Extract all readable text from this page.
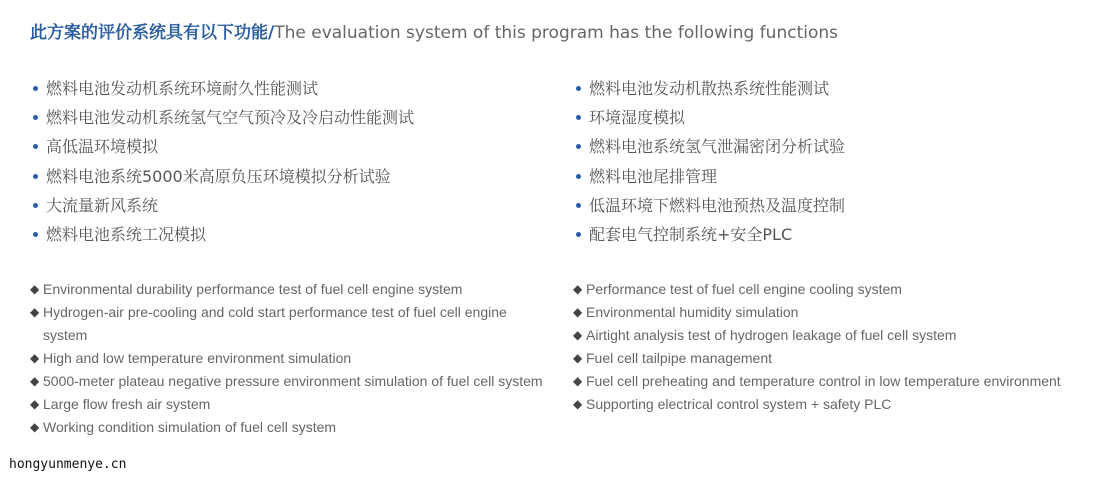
此方案的评价系统具有以下功能/The evaluation system of this program has the following functions
燃料电池发动机系统环境耐久性能测试
燃料电池发动机系统氢气空气预冷及冷启动性能测试
高低温环境模拟
燃料电池系统5000米高原负压环境模拟分析试验
大流量新风系统
燃料电池系统工况模拟
燃料电池发动机散热系统性能测试
环境湿度模拟
燃料电池系统氢气泄漏密闭分析试验
燃料电池尾排管理
低温环境下燃料电池预热及温度控制
配套电气控制系统+安全PLC
◆ Environmental durability performance test of fuel cell engine system
◆ Hydrogen-air pre-cooling and cold start performance test of fuel cell engine system
◆ High and low temperature environment simulation
◆ 5000-meter plateau negative pressure environment simulation of fuel cell system
◆ Large flow fresh air system
◆ Working condition simulation of fuel cell system
◆ Performance test of fuel cell engine cooling system
◆ Environmental humidity simulation
◆ Airtight analysis test of hydrogen leakage of fuel cell system
◆ Fuel cell tailpipe management
◆ Fuel cell preheating and temperature control in low temperature environment
◆ Supporting electrical control system + safety PLC
hongyunmenye.cn
